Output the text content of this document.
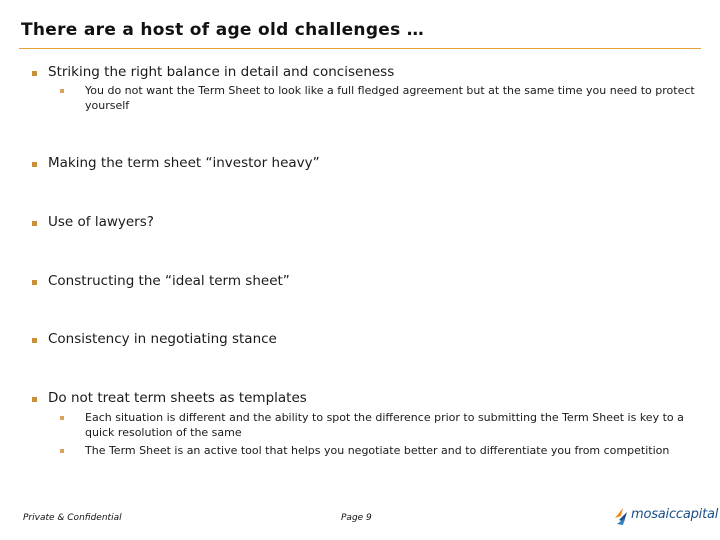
There are a host of age old challenges …
Striking the right balance in detail and conciseness
You do not want the Term Sheet to look like a full fledged agreement but at the same time you need to protect yourself
Making the term sheet “investor heavy”
Use of lawyers?
Constructing the “ideal term sheet”
Consistency in negotiating stance
Do not treat term sheets as templates
Each situation is different and the ability to spot the difference prior to submitting the Term Sheet is key to a quick resolution of the same
The Term Sheet is an active tool that helps you negotiate better and to differentiate you from competition
Private & Confidential	Page 9	mosaiccapital
